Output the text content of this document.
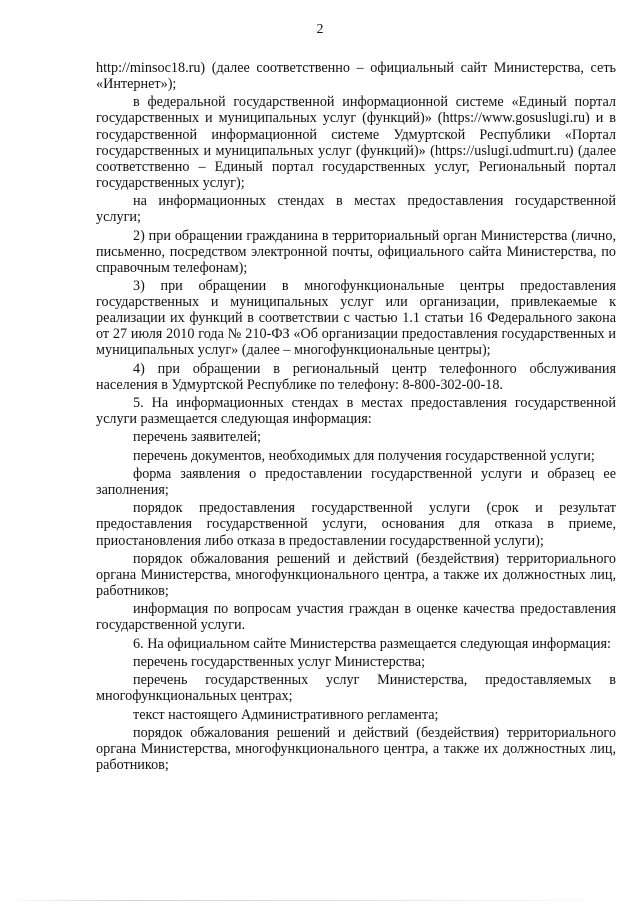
2

http://minsoc18.ru) (далее соответственно – официальный сайт Министерства, сеть «Интернет»);

в федеральной государственной информационной системе «Единый портал государственных и муниципальных услуг (функций)» (https://www.gosuslugi.ru) и в государственной информационной системе Удмуртской Республики «Портал государственных и муниципальных услуг (функций)» (https://uslugi.udmurt.ru) (далее соответственно – Единый портал государственных услуг, Региональный портал государственных услуг);

на информационных стендах в местах предоставления государственной услуги;

2) при обращении гражданина в территориальный орган Министерства (лично, письменно, посредством электронной почты, официального сайта Министерства, по справочным телефонам);

3) при обращении в многофункциональные центры предоставления государственных и муниципальных услуг или организации, привлекаемые к реализации их функций в соответствии с частью 1.1 статьи 16 Федерального закона от 27 июля 2010 года № 210-ФЗ «Об организации предоставления государственных и муниципальных услуг» (далее – многофункциональные центры);

4) при обращении в региональный центр телефонного обслуживания населения в Удмуртской Республике по телефону: 8-800-302-00-18.

5. На информационных стендах в местах предоставления государственной услуги размещается следующая информация:

перечень заявителей;

перечень документов, необходимых для получения государственной услуги;

форма заявления о предоставлении государственной услуги и образец ее заполнения;

порядок предоставления государственной услуги (срок и результат предоставления государственной услуги, основания для отказа в приеме, приостановления либо отказа в предоставлении государственной услуги);

порядок обжалования решений и действий (бездействия) территориального органа Министерства, многофункционального центра, а также их должностных лиц, работников;

информация по вопросам участия граждан в оценке качества предоставления государственной услуги.

6. На официальном сайте Министерства размещается следующая информация:

перечень государственных услуг Министерства;

перечень государственных услуг Министерства, предоставляемых в многофункциональных центрах;

текст настоящего Административного регламента;

порядок обжалования решений и действий (бездействия) территориального органа Министерства, многофункционального центра, а также их должностных лиц, работников;
